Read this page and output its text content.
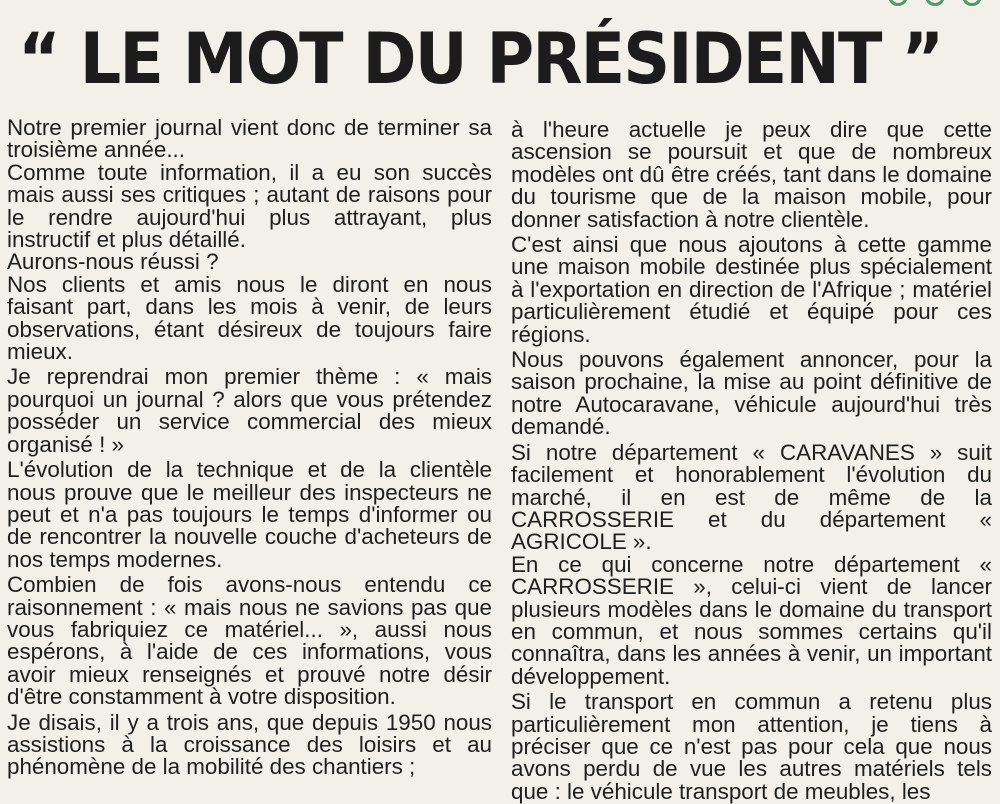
“ LE MOT DU PRÉSIDENT ”

Notre premier journal vient donc de terminer sa troisième année...

Comme toute information, il a eu son succès mais aussi ses critiques ; autant de raisons pour le rendre aujourd'hui plus attrayant, plus instructif et plus détaillé.

Aurons-nous réussi ?

Nos clients et amis nous le diront en nous faisant part, dans les mois à venir, de leurs observations, étant désireux de toujours faire mieux.

Je reprendrai mon premier thème : « mais pourquoi un journal ? alors que vous prétendez posséder un service commercial des mieux organisé ! »

L'évolution de la technique et de la clientèle nous prouve que le meilleur des inspecteurs ne peut et n'a pas toujours le temps d'informer ou de rencontrer la nouvelle couche d'acheteurs de nos temps modernes.

Combien de fois avons-nous entendu ce raisonnement : « mais nous ne savions pas que vous fabriquiez ce matériel... », aussi nous espérons, à l'aide de ces informations, vous avoir mieux renseignés et prouvé notre désir d'être constamment à votre disposition.

Je disais, il y a trois ans, que depuis 1950 nous assistions à la croissance des loisirs et au phénomène de la mobilité des chantiers ;

à l'heure actuelle je peux dire que cette ascension se poursuit et que de nombreux modèles ont dû être créés, tant dans le domaine du tourisme que de la maison mobile, pour donner satisfaction à notre clientèle.

C'est ainsi que nous ajoutons à cette gamme une maison mobile destinée plus spécialement à l'exportation en direction de l'Afrique ; matériel particulièrement étudié et équipé pour ces régions.

Nous pouvons également annoncer, pour la saison prochaine, la mise au point définitive de notre Autocaravane, véhicule aujourd'hui très demandé.

Si notre département « CARAVANES » suit facilement et honorablement l'évolution du marché, il en est de même de la CARROSSERIE et du département « AGRICOLE ».

En ce qui concerne notre département « CARROSSERIE », celui-ci vient de lancer plusieurs modèles dans le domaine du transport en commun, et nous sommes certains qu'il connaîtra, dans les années à venir, un important développement.

Si le transport en commun a retenu plus particulièrement mon attention, je tiens à préciser que ce n'est pas pour cela que nous avons perdu de vue les autres matériels tels que : le véhicule transport de meubles, les
